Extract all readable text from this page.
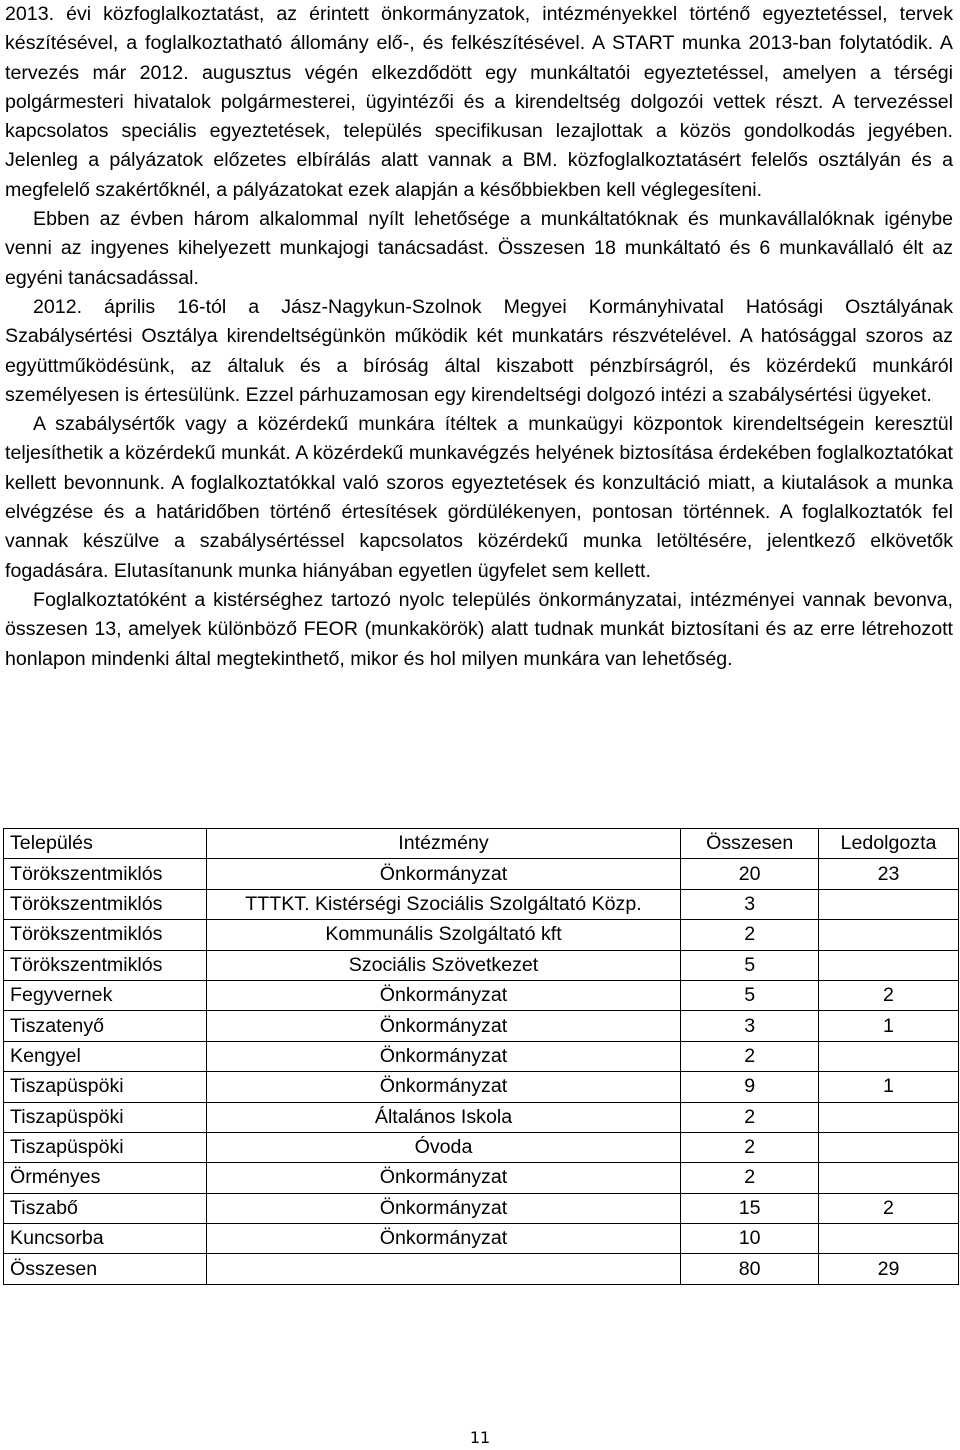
2013. évi közfoglalkoztatást, az érintett önkormányzatok, intézményekkel történő egyeztetéssel, tervek készítésével, a foglalkoztatható állomány elő-, és felkészítésével. A START munka 2013-ban folytatódik. A tervezés már 2012. augusztus végén elkezdődött egy munkáltatói egyeztetéssel, amelyen a térségi polgármesteri hivatalok polgármesterei, ügyintézői és a kirendeltség dolgozói vettek részt. A tervezéssel kapcsolatos speciális egyeztetések, település specifikusan lezajlottak a közös gondolkodás jegyében. Jelenleg a pályázatok előzetes elbírálás alatt vannak a BM. közfoglalkoztatásért felelős osztályán és a megfelelő szakértőknél, a pályázatokat ezek alapján a későbbiekben kell véglegesíteni.

Ebben az évben három alkalommal nyílt lehetősége a munkáltatóknak és munkavállalóknak igénybe venni az ingyenes kihelyezett munkajogi tanácsadást. Összesen 18 munkáltató és 6 munkavállaló élt az egyéni tanácsadással.

2012. április 16-tól a Jász-Nagykun-Szolnok Megyei Kormányhivatal Hatósági Osztályának Szabálysértési Osztálya kirendeltségünkön működik két munkatárs részvételével. A hatósággal szoros az együttműködésünk, az általuk és a bíróság által kiszabott pénzbírságról, és közérdekű munkáról személyesen is értesülünk. Ezzel párhuzamosan egy kirendeltségi dolgozó intézi a szabálysértési ügyeket.

A szabálysértők vagy a közérdekű munkára ítéltek a munkaügyi központok kirendeltségein keresztül teljesíthetik a közérdekű munkát. A közérdekű munkavégzés helyének biztosítása érdekében foglalkoztatókat kellett bevonnunk. A foglalkoztatókkal való szoros egyeztetések és konzultáció miatt, a kiutalások a munka elvégzése és a határidőben történő értesítések gördülékenyen, pontosan történnek. A foglalkoztatók fel vannak készülve a szabálysértéssel kapcsolatos közérdekű munka letöltésére, jelentkező elkövetők fogadására. Elutasítanunk munka hiányában egyetlen ügyfelet sem kellett.

Foglalkoztatóként a kistérséghez tartozó nyolc település önkormányzatai, intézményei vannak bevonva, összesen 13, amelyek különböző FEOR (munkakörök) alatt tudnak munkát biztosítani és az erre létrehozott honlapon mindenki által megtekinthető, mikor és hol milyen munkára van lehetőség.

Település	Intézmény	Összesen	Ledolgozta
Törökszentmiklós	Önkormányzat	20	23
Törökszentmiklós	TTTKT. Kistérségi Szociális Szolgáltató Közp.	3	
Törökszentmiklós	Kommunális Szolgáltató kft	2	
Törökszentmiklós	Szociális Szövetkezet	5	
Fegyvernek	Önkormányzat	5	2
Tiszatenyő	Önkormányzat	3	1
Kengyel	Önkormányzat	2	
Tiszapüspöki	Önkormányzat	9	1
Tiszapüspöki	Általános Iskola	2	
Tiszapüspöki	Óvoda	2	
Örményes	Önkormányzat	2	
Tiszabő	Önkormányzat	15	2
Kuncsorba	Önkormányzat	10	
Összesen		80	29
11
